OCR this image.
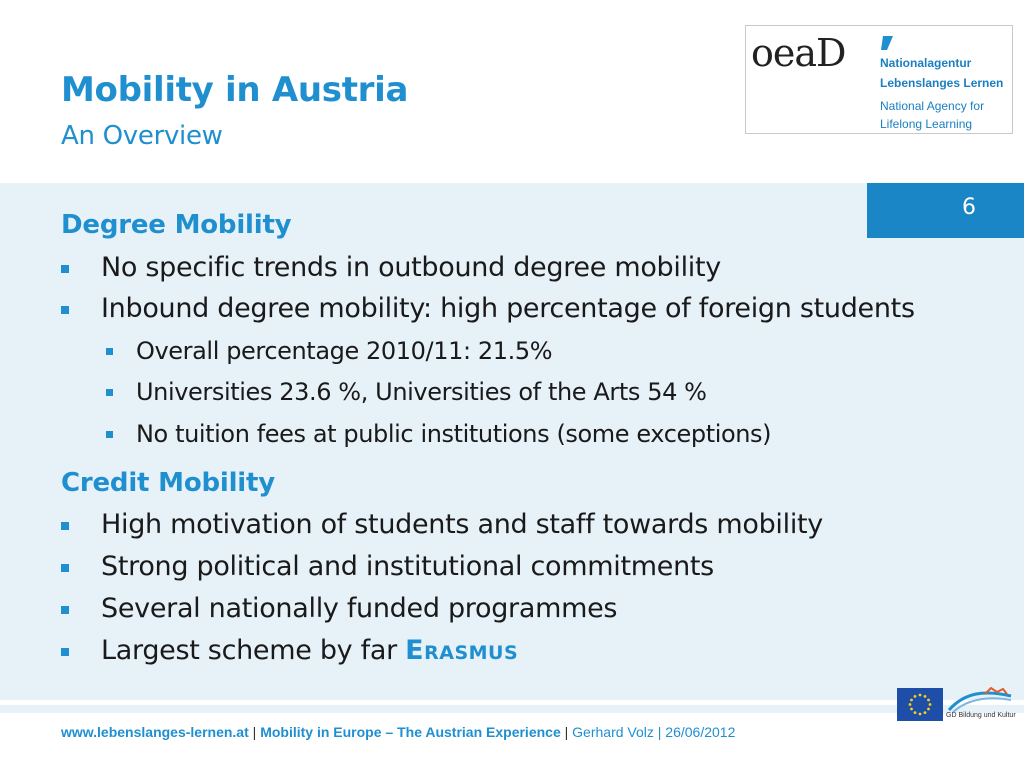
Mobility in Austria
An Overview
oeaD	Nationalagentur
Lebenslanges Lernen
National Agency for
Lifelong Learning
6
Degree Mobility
No specific trends in outbound degree mobility
Inbound degree mobility: high percentage of foreign students
Overall percentage 2010/11: 21.5%
Universities 23.6 %, Universities of the Arts 54 %
No tuition fees at public institutions (some exceptions)
Credit Mobility
High motivation of students and staff towards mobility
Strong political and institutional commitments
Several nationally funded programmes
Largest scheme by far Erasmus
GD Bildung und Kultur
www.lebenslanges-lernen.at | Mobility in Europe – The Austrian Experience | Gerhard Volz | 26/06/2012
